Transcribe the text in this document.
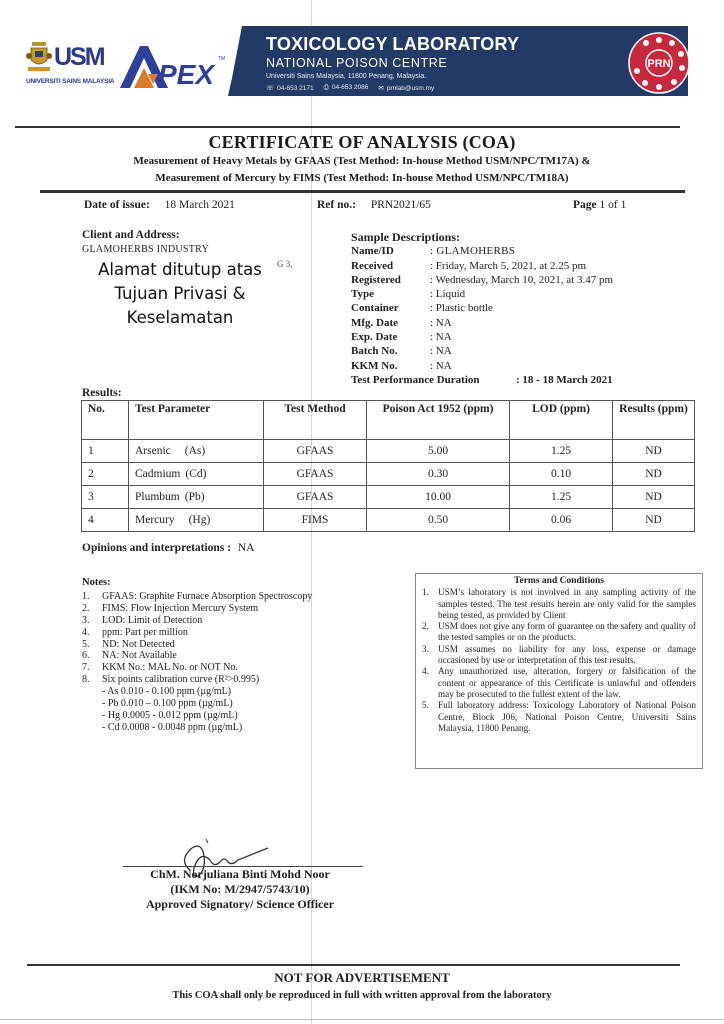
USM
UNIVERSITI SAINS MALAYSIA PEX TM
TOXICOLOGY LABORATORY
NATIONAL POISON CENTRE
Universiti Sains Malaysia, 11800 Penang, Malaysia.
☏ 04-653 2171 ⎙ 04-653 2086 ✉ prnlab@usm.my
PRN
CERTIFICATE OF ANALYSIS (COA)
Measurement of Heavy Metals by GFAAS (Test Method: In-house Method USM/NPC/TM17A) &
Measurement of Mercury by FIMS (Test Method: In-house Method USM/NPC/TM18A)
Date of issue: 18 March 2021	Ref no.: PRN2021/65	Page 1 of 1
Client and Address:
GLAMOHERBS INDUSTRY
G 3,
Alamat ditutup atas
Tujuan Privasi &
Keselamatan
Sample Descriptions:
Name/ID	: GLAMOHERBS
Received	: Friday, March 5, 2021, at 2.25 pm
Registered	: Wednesday, March 10, 2021, at 3.47 pm
Type	: Liquid
Container	: Plastic bottle
Mfg. Date	: NA
Exp. Date	: NA
Batch No.	: NA
KKM No.	: NA
Test Performance Duration	: 18 - 18 March 2021
Results:
No.	Test Parameter	Test Method	Poison Act 1952 (ppm)	LOD (ppm)	Results (ppm)
1	Arsenic (As)	GFAAS	5.00	1.25	ND
2	Cadmium (Cd)	GFAAS	0.30	0.10	ND
3	Plumbum (Pb)	GFAAS	10.00	1.25	ND
4	Mercury (Hg)	FIMS	0.50	0.06	ND
Opinions and interpretations : NA
Notes:
1.	GFAAS: Graphite Furnace Absorption Spectroscopy
2.	FIMS: Flow Injection Mercury System
3.	LOD: Limit of Detection
4.	ppm: Part per million
5.	ND: Not Detected
6.	NA: Not Available
7.	KKM No.: MAL No. or NOT No.
8.	Six points calibration curve (R²>0.995)
- As 0.010 - 0.100 ppm (µg/mL)
- Pb 0.010 – 0.100 ppm (µg/mL)
- Hg 0.0005 - 0.012 ppm (µg/mL)
- Cd 0.0008 - 0.0048 ppm (µg/mL)
Terms and Conditions
1. USM’s laboratory is not involved in any sampling activity of the samples tested. The test results herein are only valid for the samples being tested, as provided by Client
2. USM does not give any form of guarantee on the safety and quality of the tested samples or on the products.
3. USM assumes no liability for any loss, expense or damage occasioned by use or interpretation of this test results.
4. Any unauthorized use, alteration, forgery or falsification of the content or appearance of this Certificate is unlawful and offenders may be prosecuted to the fullest extent of the law.
5. Full laboratory address: Toxicology Laboratory of National Poison Centre, Block J06, National Poison Centre, Universiti Sains Malaysia, 11800 Penang.
ChM. Norjuliana Binti Mohd Noor
(IKM No: M/2947/5743/10)
Approved Signatory/ Science Officer
NOT FOR ADVERTISEMENT
This COA shall only be reproduced in full with written approval from the laboratory
